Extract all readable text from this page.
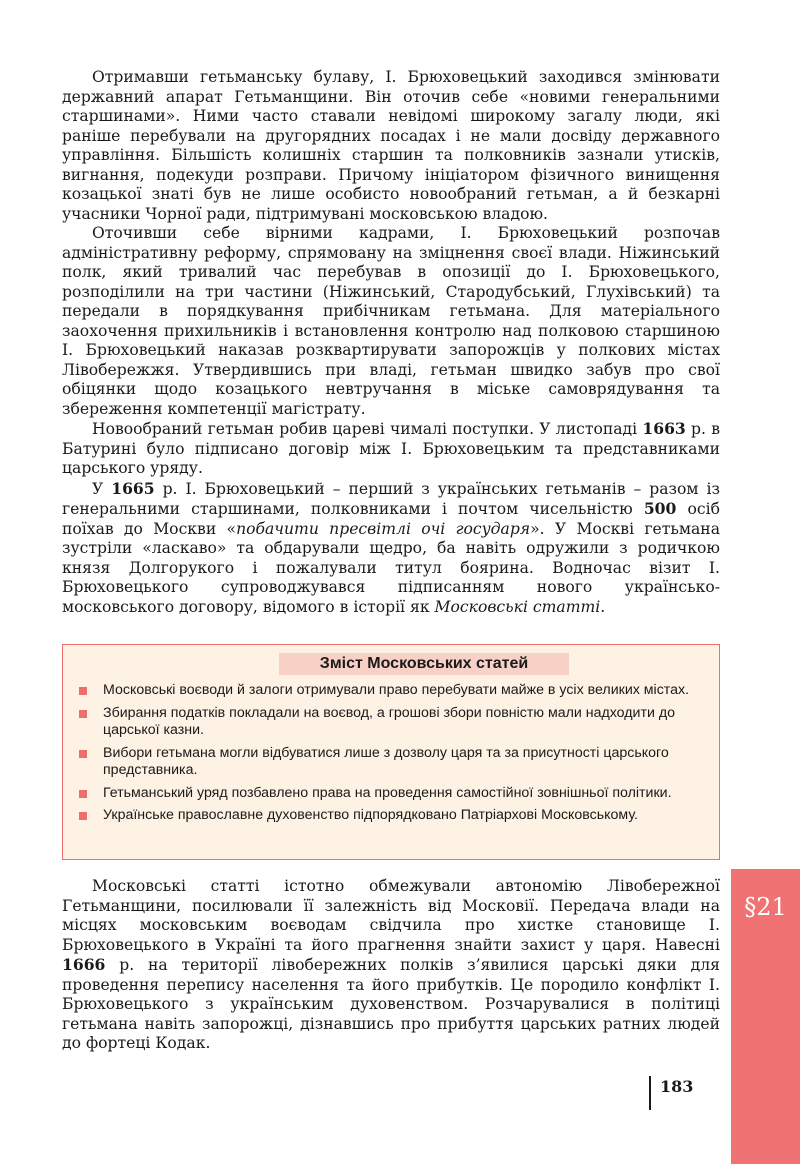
Отримавши гетьманську булаву, І. Брюховецький заходився змінювати державний апарат Гетьманщини. Він оточив себе «новими генеральними старшинами». Ними часто ставали невідомі широкому загалу люди, які раніше перебували на другорядних посадах і не мали досвіду державного управління. Більшість колишніх старшин та полковників зазнали утисків, вигнання, подекуди розправи. Причому ініціатором фізичного винищення козацької знаті був не лише особисто новообраний гетьман, а й безкарні учасники Чорної ради, підтримувані московською владою.

Оточивши себе вірними кадрами, І. Брюховецький розпочав адміністративну реформу, спрямовану на зміцнення своєї влади. Ніжинський полк, який тривалий час перебував в опозиції до І. Брюховецького, розподілили на три частини (Ніжинський, Стародубський, Глухівський) та передали в порядкування прибічникам гетьмана. Для матеріального заохочення прихильників і встановлення контролю над полковою старшиною І. Брюховецький наказав розквартирувати запорожців у полкових містах Лівобережжя. Утвердившись при владі, гетьман швидко забув про свої обіцянки щодо козацького невтручання в міське самоврядування та збереження компетенції магістрату.

Новообраний гетьман робив цареві чималі поступки. У листопаді 1663 р. в Батурині було підписано договір між І. Брюховецьким та представниками царського уряду.

У 1665 р. І. Брюховецький – перший з українських гетьманів – разом із генеральними старшинами, полковниками і почтом чисельністю 500 осіб поїхав до Москви «побачити пресвітлі очі государя». У Москві гетьмана зустріли «ласкаво» та обдарували щедро, ба навіть одружили з родичкою князя Долгорукого і пожалували титул боярина. Водночас візит І. Брюховецького супроводжувався підписанням нового українсько-московського договору, відомого в історії як Московські статті.

Зміст Московських статей
Московські воєводи й залоги отримували право перебувати майже в усіх великих містах.
Збирання податків покладали на воєвод, а грошові збори повністю мали надходити до царської казни.
Вибори гетьмана могли відбуватися лише з дозволу царя та за присутності царського представника.
Гетьманський уряд позбавлено права на проведення самостійної зовнішньої політики.
Українське православне духовенство підпорядковано Патріархові Московському.

Московські статті істотно обмежували автономію Лівобережної Гетьманщини, посилювали її залежність від Московії. Передача влади на місцях московським воєводам свідчила про хистке становище І. Брюховецького в Україні та його прагнення знайти захист у царя. Навесні 1666 р. на території лівобережних полків з’явилися царські дяки для проведення перепису населення та його прибутків. Це породило конфлікт І. Брюховецького з українським духовенством. Розчарувалися в політиці гетьмана навіть запорожці, дізнавшись про прибуття царських ратних людей до фортеці Кодак.

§21
183
